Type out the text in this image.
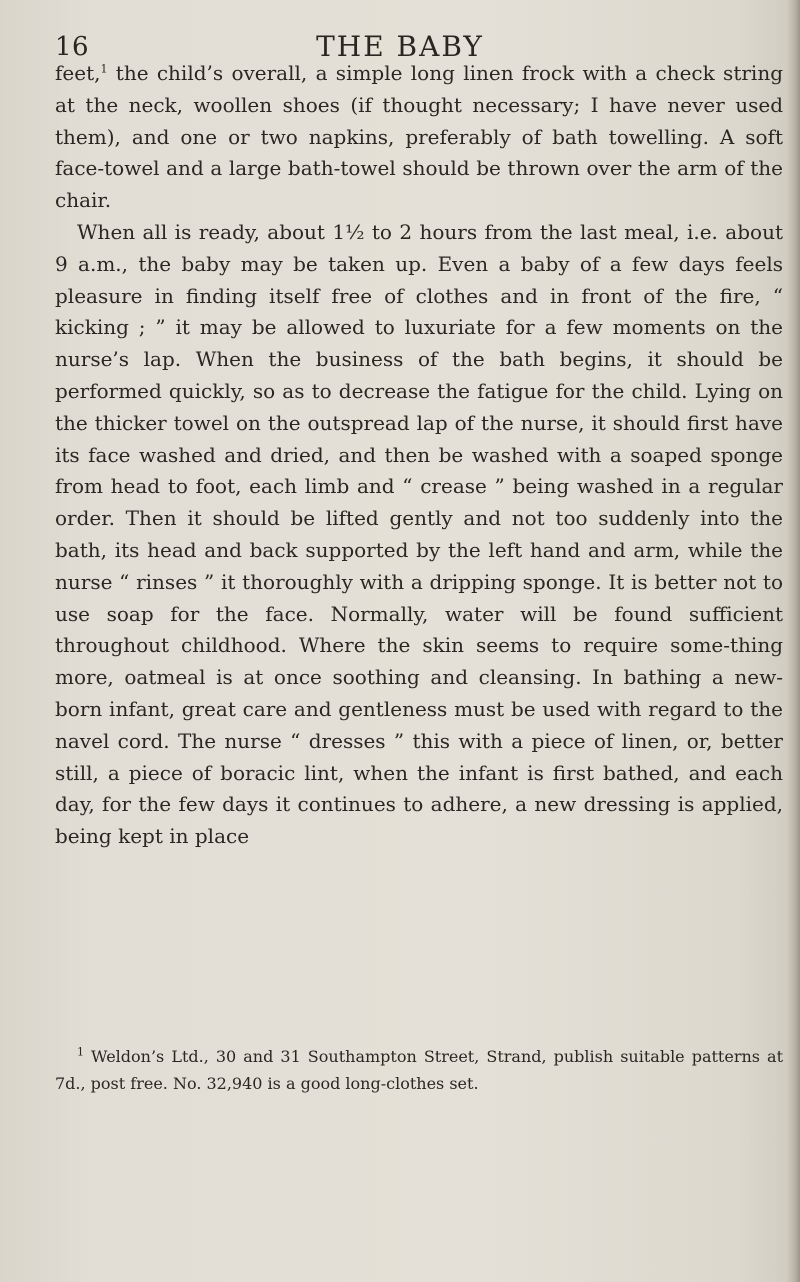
16	THE BABY

feet,$^1$ the child’s overall, a simple long linen frock with a check string at the neck, woollen shoes (if thought necessary; I have never used them), and one or two napkins, preferably of bath towelling. A soft face-towel and a large bath-towel should be thrown over the arm of the chair.

When all is ready, about 1½ to 2 hours from the last meal, i.e. about 9 a.m., the baby may be taken up. Even a baby of a few days feels pleasure in finding itself free of clothes and in front of the fire, “ kicking ; ” it may be allowed to luxuriate for a few moments on the nurse’s lap. When the business of the bath begins, it should be performed quickly, so as to decrease the fatigue for the child. Lying on the thicker towel on the outspread lap of the nurse, it should first have its face washed and dried, and then be washed with a soaped sponge from head to foot, each limb and “ crease ” being washed in a regular order. Then it should be lifted gently and not too suddenly into the bath, its head and back supported by the left hand and arm, while the nurse “ rinses ” it thoroughly with a dripping sponge. It is better not to use soap for the face. Normally, water will be found sufficient throughout childhood. Where the skin seems to require some-thing more, oatmeal is at once soothing and cleansing. In bathing a new-born infant, great care and gentleness must be used with regard to the navel cord. The nurse “ dresses ” this with a piece of linen, or, better still, a piece of boracic lint, when the infant is first bathed, and each day, for the few days it continues to adhere, a new dressing is applied, being kept in place

$^1$ Weldon’s Ltd., 30 and 31 Southampton Street, Strand, publish suitable patterns at 7d., post free. No. 32,940 is a good long-clothes set.
